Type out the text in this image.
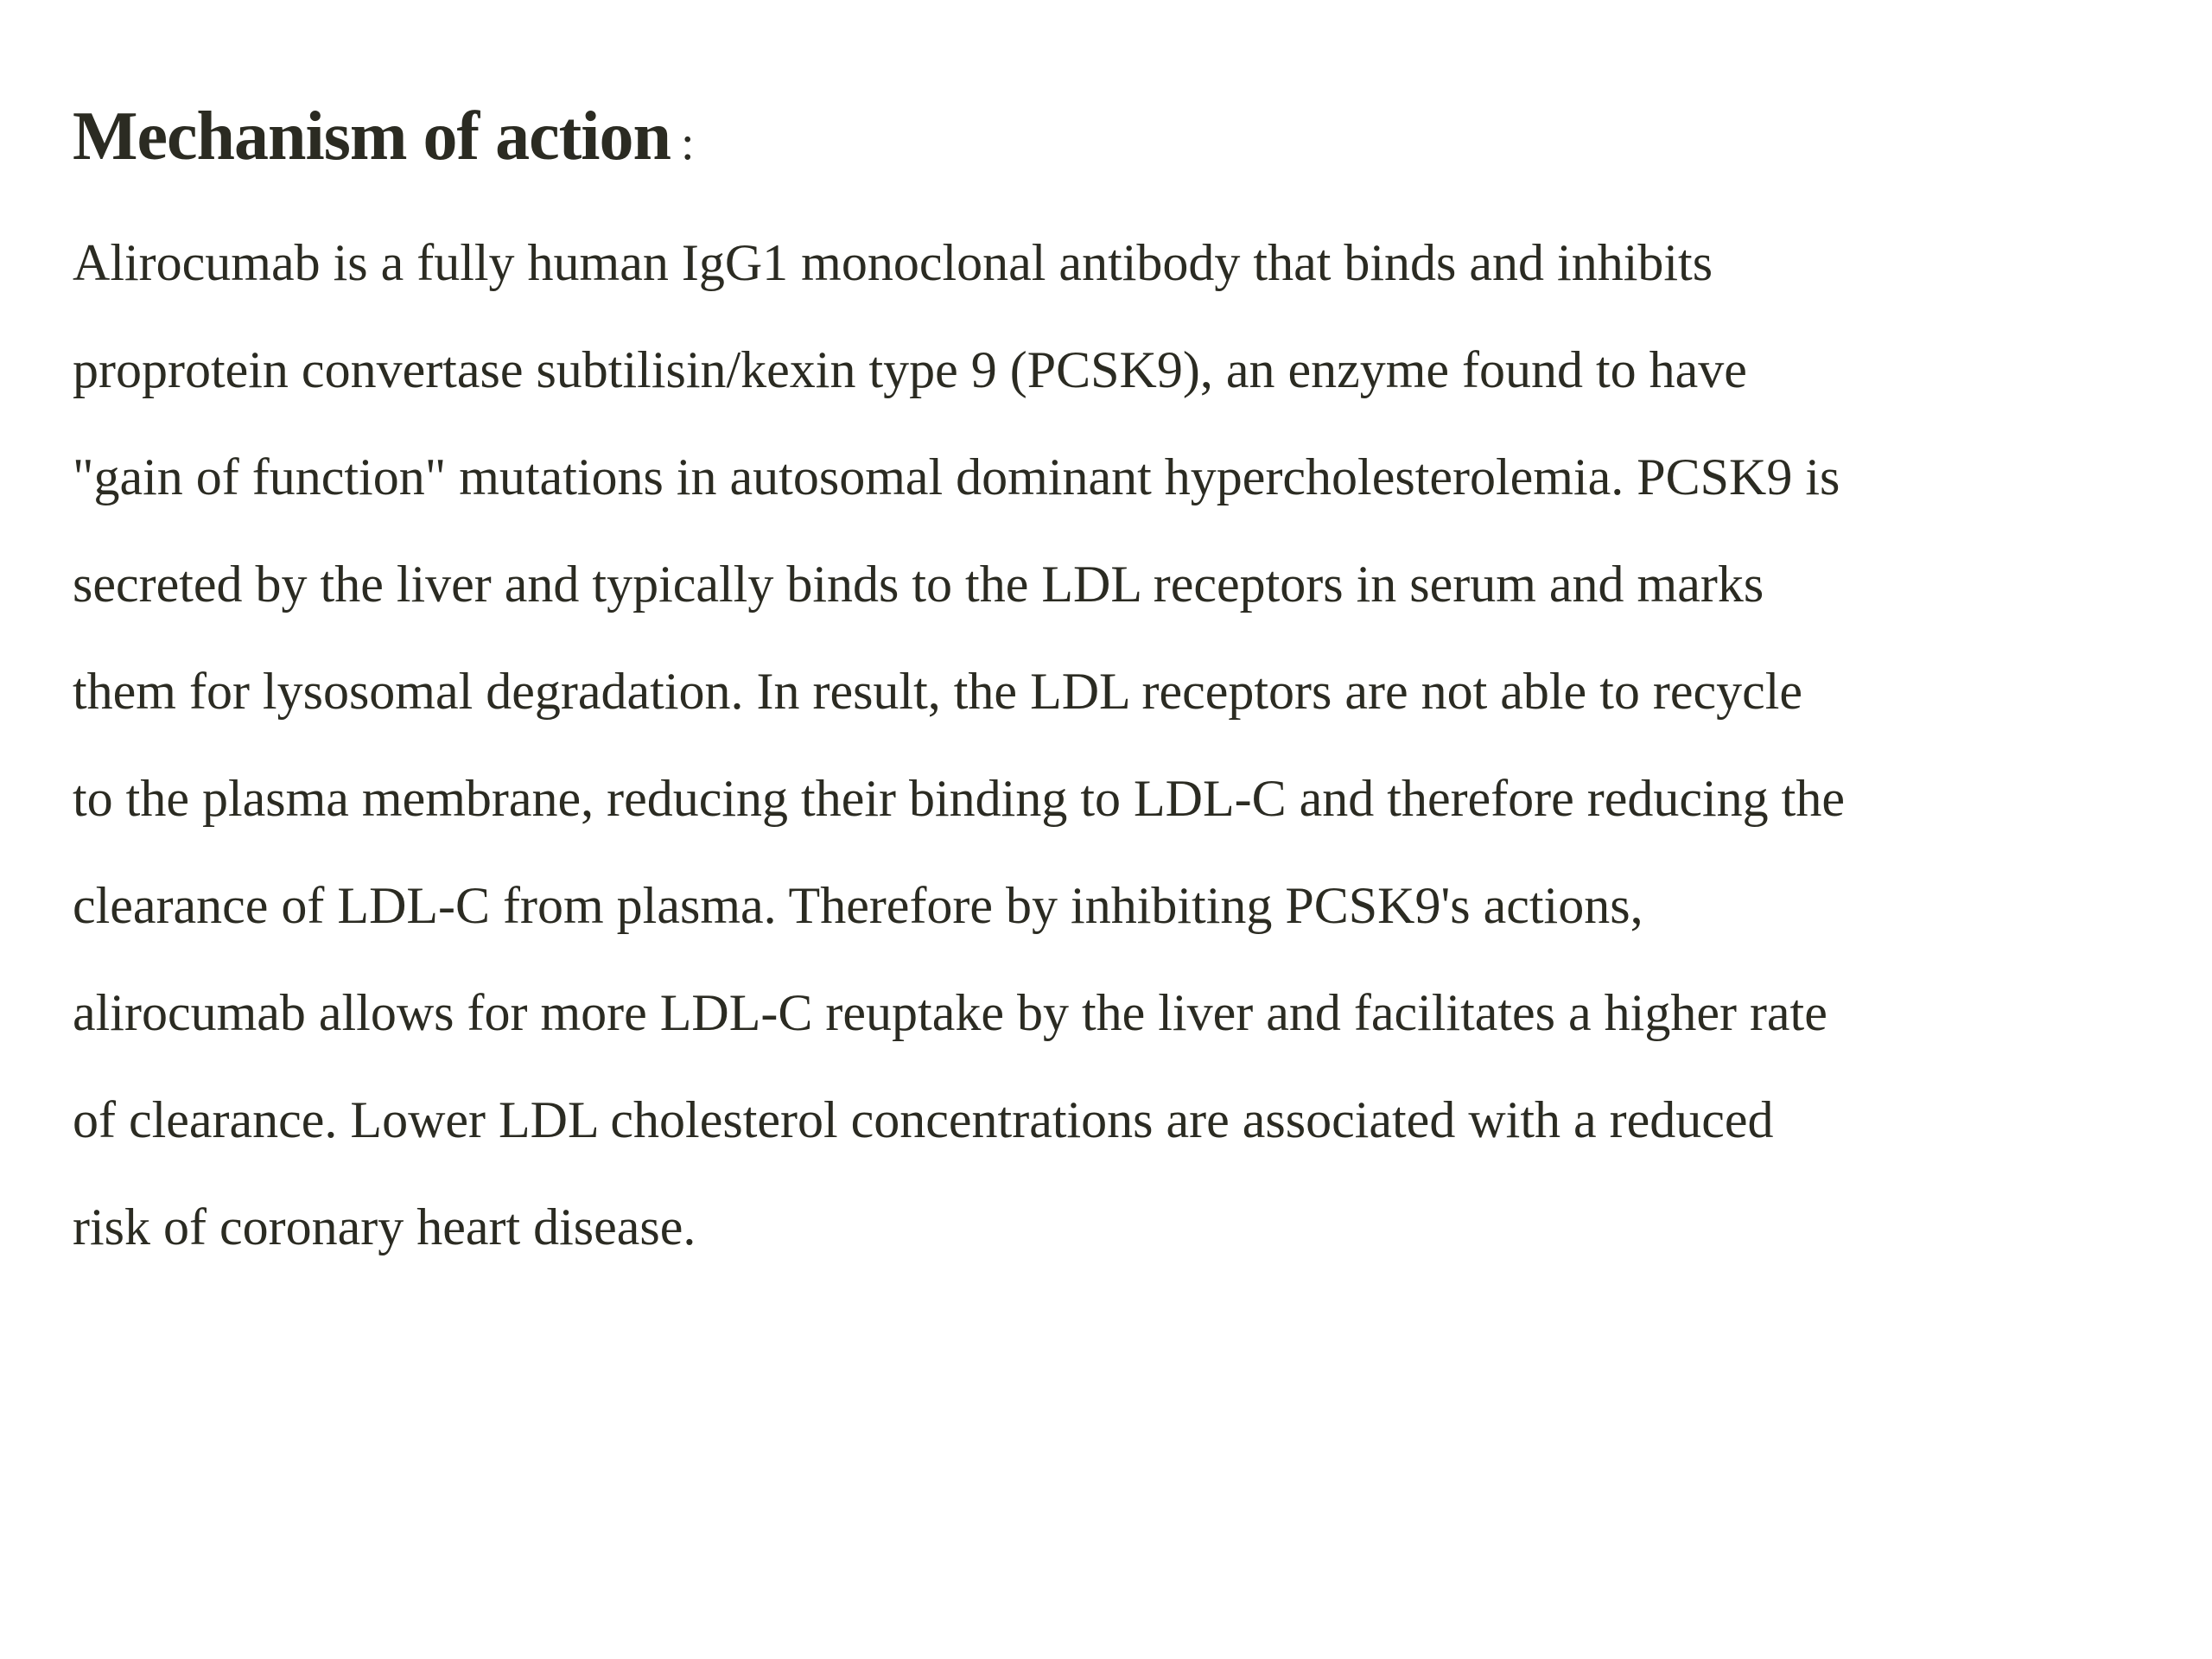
Mechanism of action :

Alirocumab is a fully human IgG1 monoclonal antibody that binds and inhibits
proprotein convertase subtilisin/kexin type 9 (PCSK9), an enzyme found to have
"gain of function" mutations in autosomal dominant hypercholesterolemia. PCSK9 is
secreted by the liver and typically binds to the LDL receptors in serum and marks
them for lysosomal degradation. In result, the LDL receptors are not able to recycle
to the plasma membrane, reducing their binding to LDL-C and therefore reducing the
clearance of LDL-C from plasma. Therefore by inhibiting PCSK9's actions,
alirocumab allows for more LDL-C reuptake by the liver and facilitates a higher rate
of clearance. Lower LDL cholesterol concentrations are associated with a reduced
risk of coronary heart disease.
